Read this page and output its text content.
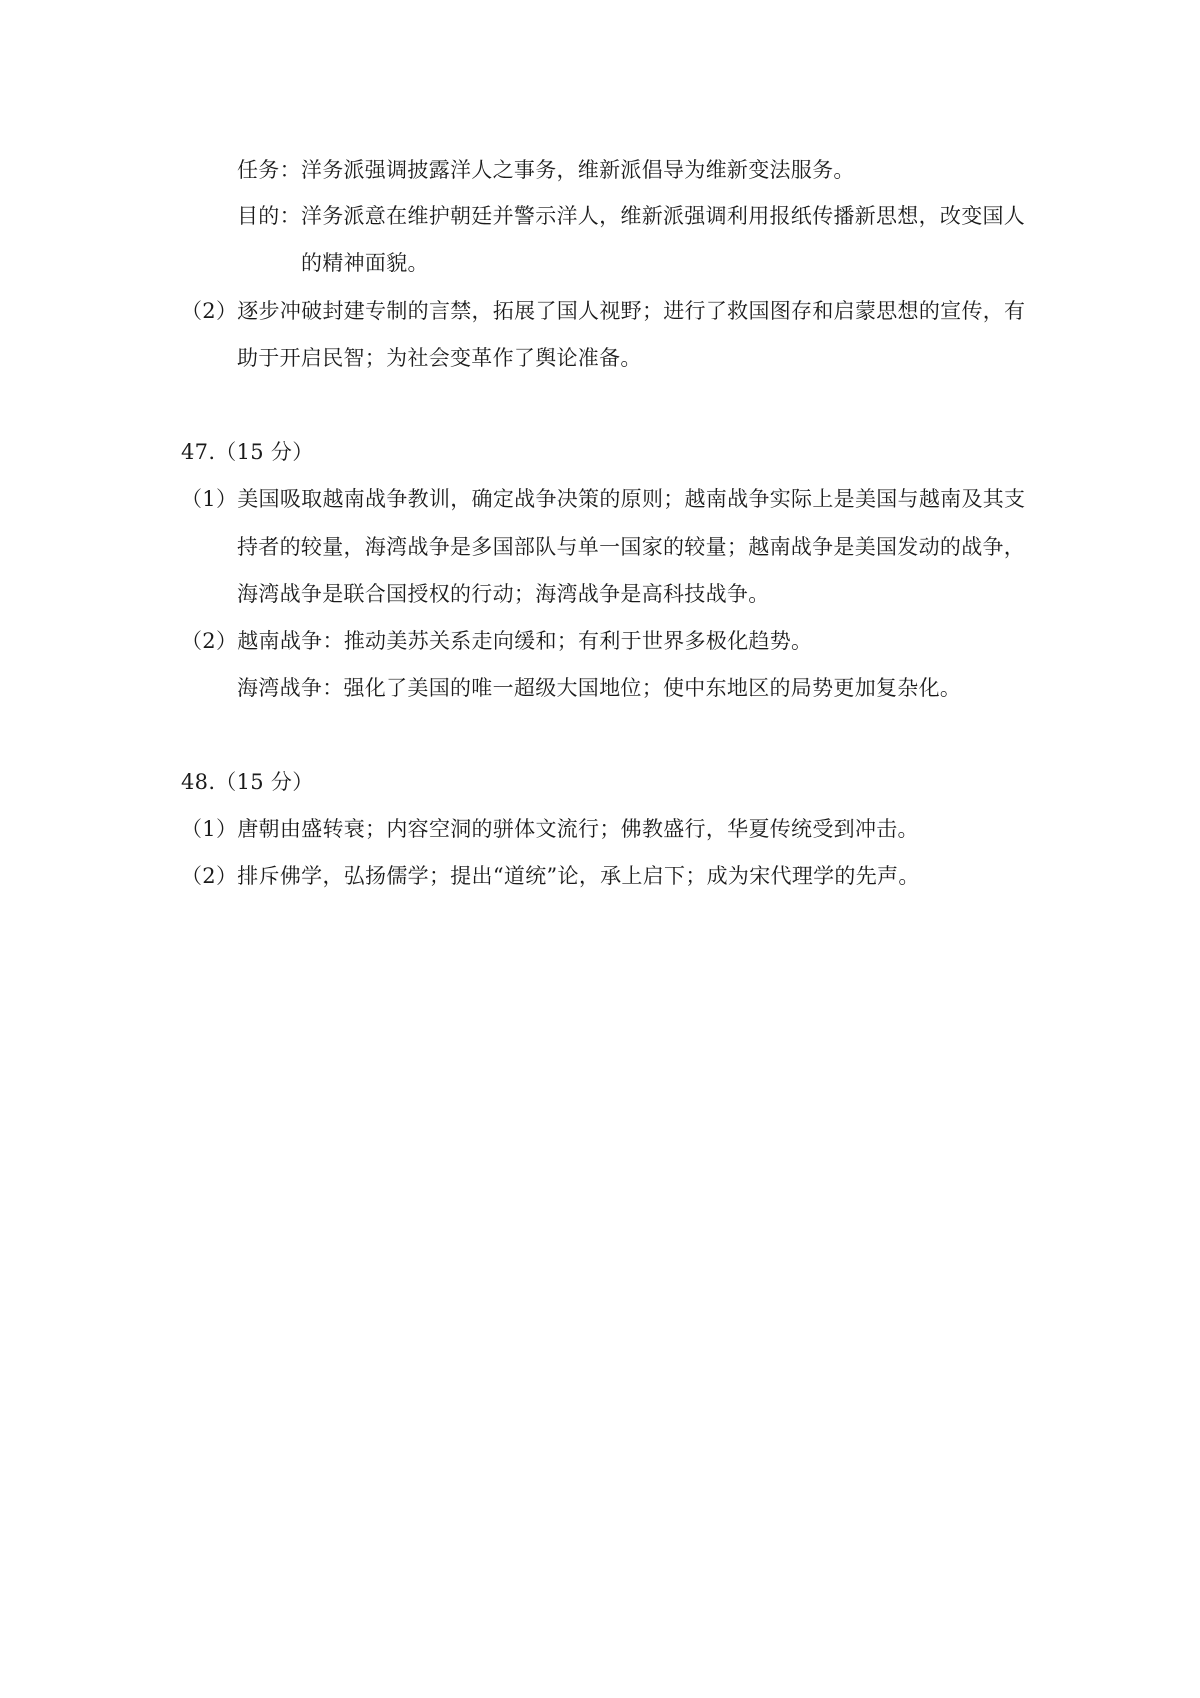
任务：洋务派强调披露洋人之事务，维新派倡导为维新变法服务。
目的：洋务派意在维护朝廷并警示洋人，维新派强调利用报纸传播新思想，改变国人
的精神面貌。
（2）逐步冲破封建专制的言禁，拓展了国人视野；进行了救国图存和启蒙思想的宣传，有
助于开启民智；为社会变革作了舆论准备。
47.（15 分）
（1）美国吸取越南战争教训，确定战争决策的原则；越南战争实际上是美国与越南及其支
持者的较量，海湾战争是多国部队与单一国家的较量；越南战争是美国发动的战争，
海湾战争是联合国授权的行动；海湾战争是高科技战争。
（2）越南战争：推动美苏关系走向缓和；有利于世界多极化趋势。
海湾战争：强化了美国的唯一超级大国地位；使中东地区的局势更加复杂化。
48.（15 分）
（1）唐朝由盛转衰；内容空洞的骈体文流行；佛教盛行，华夏传统受到冲击。
（2）排斥佛学，弘扬儒学；提出“道统”论，承上启下；成为宋代理学的先声。
